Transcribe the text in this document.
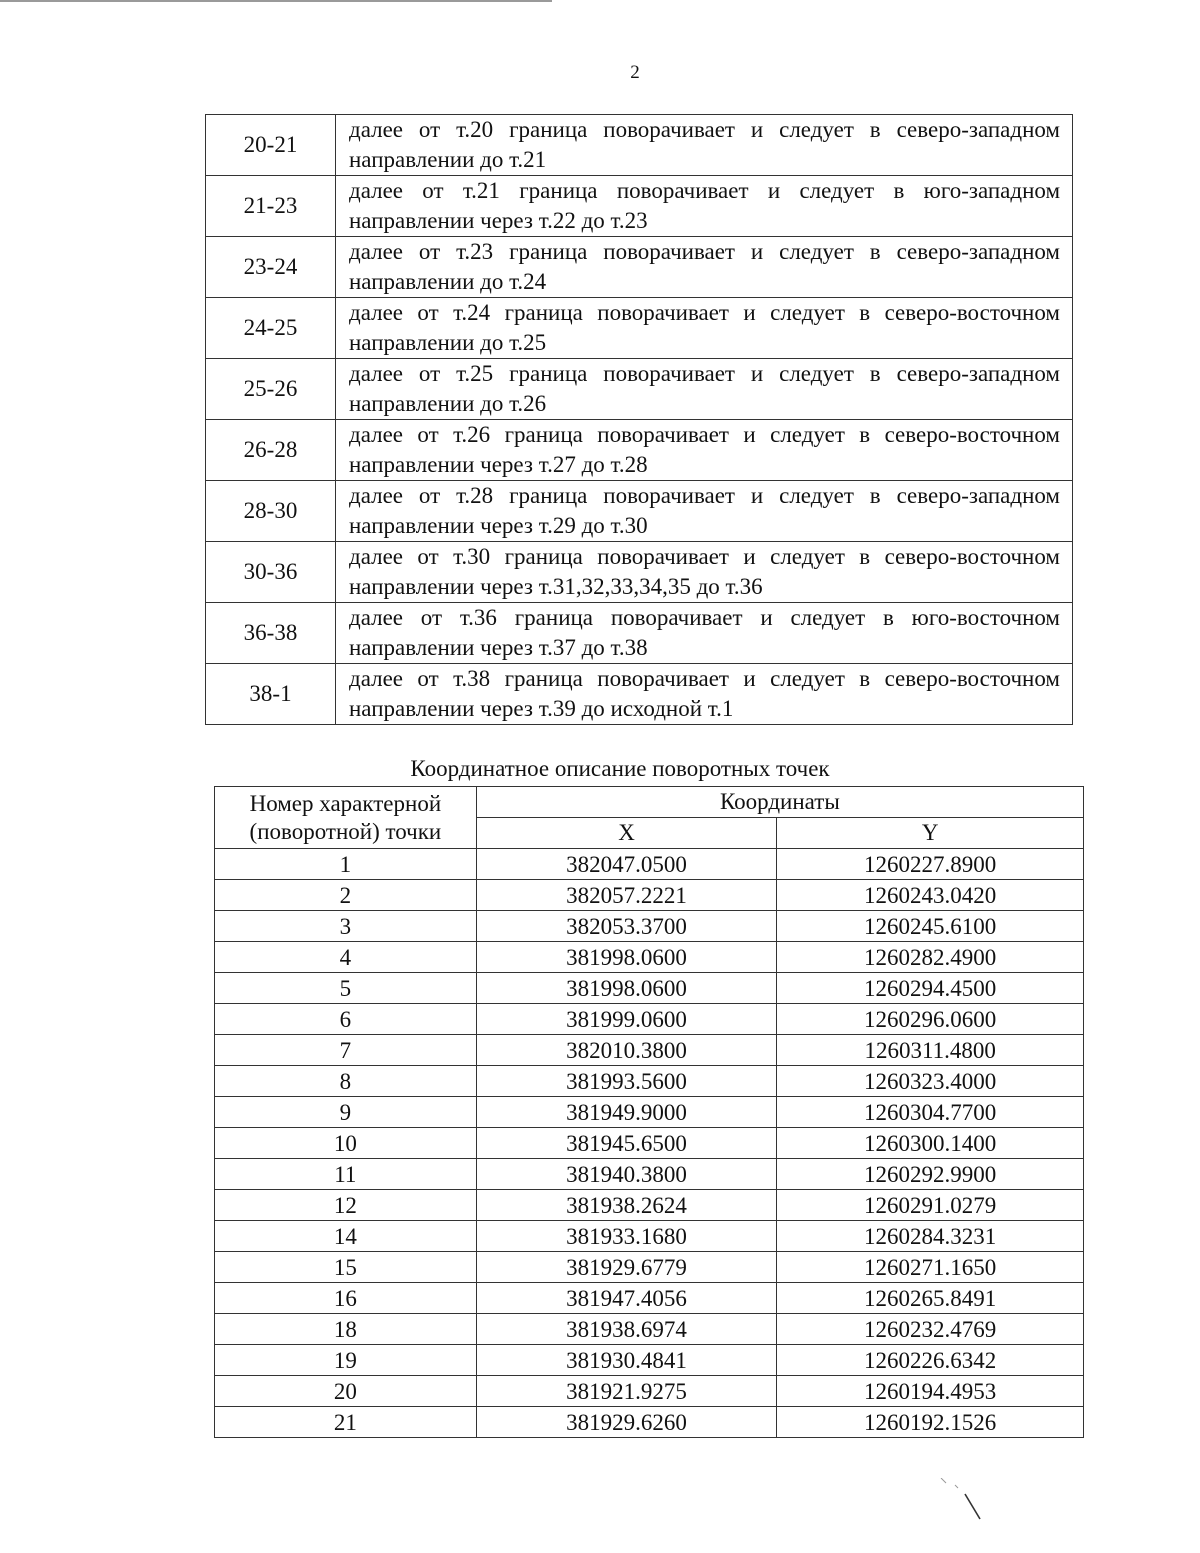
2
20-21	далее от т.20 граница поворачивает и следует в северо-западном направлении до т.21
21-23	далее от т.21 граница поворачивает и следует в юго-западном направлении через т.22 до т.23
23-24	далее от т.23 граница поворачивает и следует в северо-западном направлении до т.24
24-25	далее от т.24 граница поворачивает и следует в северо-восточном направлении до т.25
25-26	далее от т.25 граница поворачивает и следует в северо-западном направлении до т.26
26-28	далее от т.26 граница поворачивает и следует в северо-восточном направлении через т.27 до т.28
28-30	далее от т.28 граница поворачивает и следует в северо-западном направлении через т.29 до т.30
30-36	далее от т.30 граница поворачивает и следует в северо-восточном направлении через т.31,32,33,34,35 до т.36
36-38	далее от т.36 граница поворачивает и следует в юго-восточном направлении через т.37 до т.38
38-1	далее от т.38 граница поворачивает и следует в северо-восточном направлении через т.39 до исходной т.1
Координатное описание поворотных точек
Номер характерной
(поворотной) точки	Координаты	
	X	Y
1	382047.0500	1260227.8900
2	382057.2221	1260243.0420
3	382053.3700	1260245.6100
4	381998.0600	1260282.4900
5	381998.0600	1260294.4500
6	381999.0600	1260296.0600
7	382010.3800	1260311.4800
8	381993.5600	1260323.4000
9	381949.9000	1260304.7700
10	381945.6500	1260300.1400
11	381940.3800	1260292.9900
12	381938.2624	1260291.0279
14	381933.1680	1260284.3231
15	381929.6779	1260271.1650
16	381947.4056	1260265.8491
18	381938.6974	1260232.4769
19	381930.4841	1260226.6342
20	381921.9275	1260194.4953
21	381929.6260	1260192.1526
